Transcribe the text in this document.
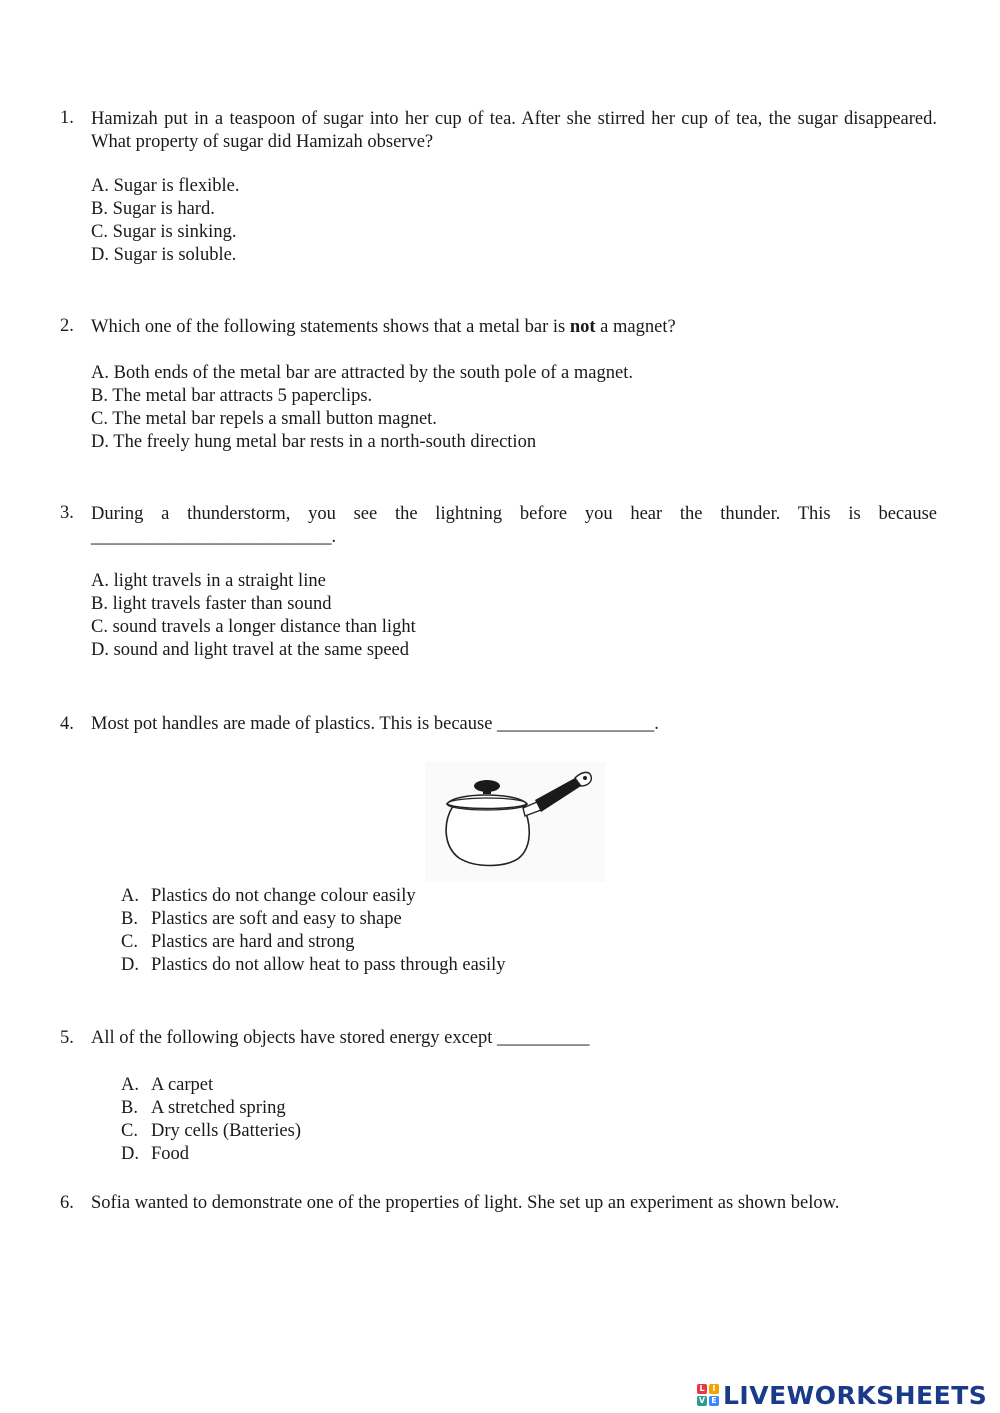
1. Hamizah put in a teaspoon of sugar into her cup of tea. After she stirred her cup of tea, the sugar disappeared. What property of sugar did Hamizah observe?
A. Sugar is flexible.
B. Sugar is hard.
C. Sugar is sinking.
D. Sugar is soluble.
2. Which one of the following statements shows that a metal bar is not a magnet?
A. Both ends of the metal bar are attracted by the south pole of a magnet.
B. The metal bar attracts 5 paperclips.
C. The metal bar repels a small button magnet.
D. The freely hung metal bar rests in a north-south direction
3. During a thunderstorm, you see the lightning before you hear the thunder. This is because __________________________.
A. light travels in a straight line
B. light travels faster than sound
C. sound travels a longer distance than light
D. sound and light travel at the same speed
4. Most pot handles are made of plastics. This is because _________________.
A. Plastics do not change colour easily
B. Plastics are soft and easy to shape
C. Plastics are hard and strong
D. Plastics do not allow heat to pass through easily
5. All of the following objects have stored energy except __________
A. A carpet
B. A stretched spring
C. Dry cells (Batteries)
D. Food
6. Sofia wanted to demonstrate one of the properties of light. She set up an experiment as shown below.
L I
V E LIVEWORKSHEETS
